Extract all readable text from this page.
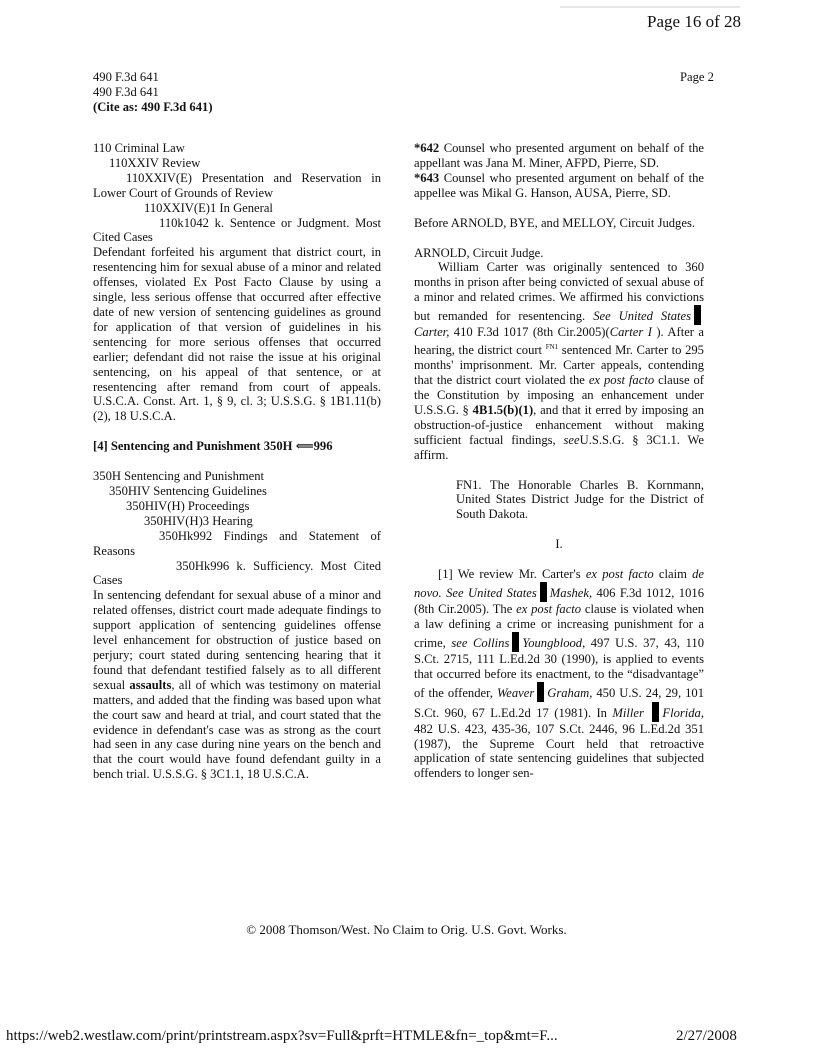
Page 16 of 28
490 F.3d 641
490 F.3d 641
(Cite as: 490 F.3d 641)
Page 2

110 Criminal Law

110XXIV Review

110XXIV(E) Presentation and Reservation in Lower Court of Grounds of Review

110XXIV(E)1 In General

110k1042 k. Sentence or Judgment. Most Cited Cases

Defendant forfeited his argument that district court, in resentencing him for sexual abuse of a minor and related offenses, violated Ex Post Facto Clause by using a single, less serious offense that occurred after effective date of new version of sentencing guidelines as ground for application of that version of guidelines in his sentencing for more serious offenses that occurred earlier; defendant did not raise the issue at his original sentencing, on his appeal of that sentence, or at resentencing after remand from court of appeals. U.S.C.A. Const. Art. 1, § 9, cl. 3; U.S.S.G. § 1B1.11(b)(2), 18 U.S.C.A.

[4] Sentencing and Punishment 350H ⟸996

350H Sentencing and Punishment

350HIV Sentencing Guidelines

350HIV(H) Proceedings

350HIV(H)3 Hearing

350Hk992 Findings and Statement of Reasons

350Hk996 k. Sufficiency. Most Cited Cases

In sentencing defendant for sexual abuse of a minor and related offenses, district court made adequate findings to support application of sentencing guidelines offense level enhancement for obstruction of justice based on perjury; court stated during sentencing hearing that it found that defendant testified falsely as to all different sexual assaults, all of which was testimony on material matters, and added that the finding was based upon what the court saw and heard at trial, and court stated that the evidence in defendant's case was as strong as the court had seen in any case during nine years on the bench and that the court would have found defendant guilty in a bench trial. U.S.S.G. § 3C1.1, 18 U.S.C.A.

*642 Counsel who presented argument on behalf of the appellant was Jana M. Miner, AFPD, Pierre, SD.

*643 Counsel who presented argument on behalf of the appellee was Mikal G. Hanson, AUSA, Pierre, SD.

Before ARNOLD, BYE, and MELLOY, Circuit Judges.

ARNOLD, Circuit Judge.

William Carter was originally sentenced to 360 months in prison after being convicted of sexual abuse of a minor and related crimes. We affirmed his convictions but remanded for resentencing. See United StatesCarter, 410 F.3d 1017 (8th Cir.2005)(Carter I ). After a hearing, the district court $^{FN1}$ sentenced Mr. Carter to 295 months' imprisonment. Mr. Carter appeals, contending that the district court violated the ex post facto clause of the Constitution by imposing an enhancement under U.S.S.G. § 4B1.5(b)(1), and that it erred by imposing an obstruction-of-justice enhancement without making sufficient factual findings, seeU.S.S.G. § 3C1.1. We affirm.

FN1. The Honorable Charles B. Kornmann, United States District Judge for the District of South Dakota.

I.

[1] We review Mr. Carter's ex post facto claim de novo. See United States Mashek, 406 F.3d 1012, 1016 (8th Cir.2005). The ex post facto clause is violated when a law defining a crime or increasing punishment for a crime, see Collins Youngblood, 497 U.S. 37, 43, 110 S.Ct. 2715, 111 L.Ed.2d 30 (1990), is applied to events that occurred before its enactment, to the “disadvantage” of the offender, Weaver Graham, 450 U.S. 24, 29, 101 S.Ct. 960, 67 L.Ed.2d 17 (1981). In Miller Florida, 482 U.S. 423, 435-36, 107 S.Ct. 2446, 96 L.Ed.2d 351 (1987), the Supreme Court held that retroactive application of state sentencing guidelines that subjected offenders to longer sen-

© 2008 Thomson/West. No Claim to Orig. U.S. Govt. Works.
https://web2.westlaw.com/print/printstream.aspx?sv=Full&prft=HTMLE&fn=_top&mt=F...	2/27/2008
